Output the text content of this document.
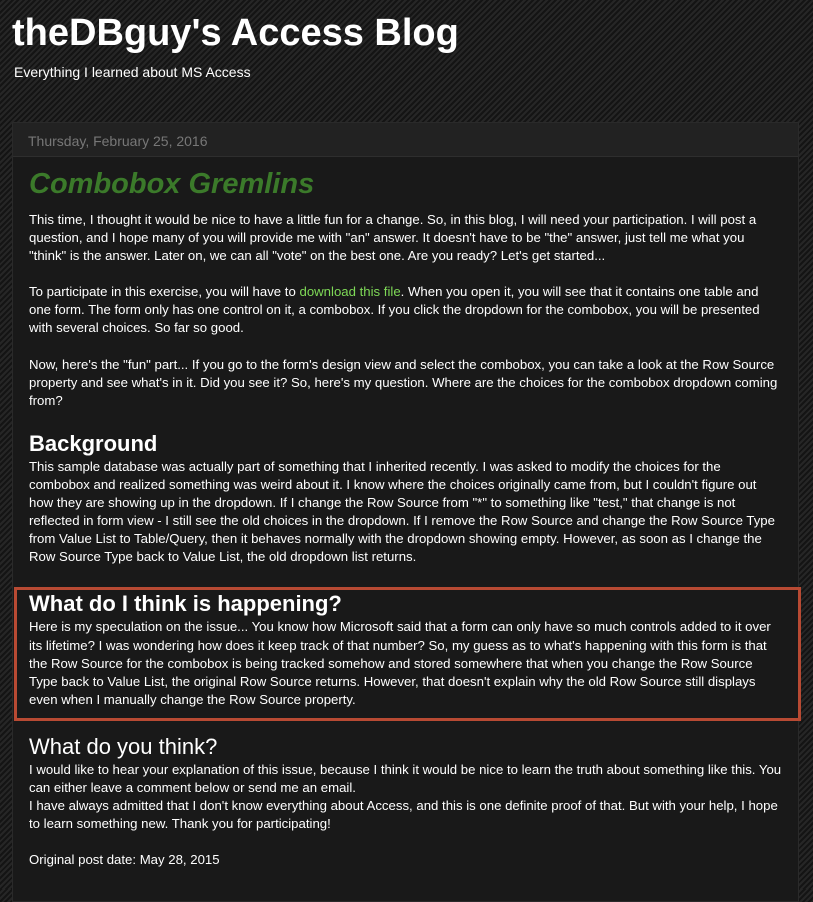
theDBguy's Access Blog
Everything I learned about MS Access
Thursday, February 25, 2016
Combobox Gremlins

This time, I thought it would be nice to have a little fun for a change. So, in this blog, I will need your participation. I will post a question, and I hope many of you will provide me with "an" answer. It doesn't have to be "the" answer, just tell me what you "think" is the answer. Later on, we can all "vote" on the best one. Are you ready? Let's get started...

To participate in this exercise, you will have to download this file. When you open it, you will see that it contains one table and one form. The form only has one control on it, a combobox. If you click the dropdown for the combobox, you will be presented with several choices. So far so good.

Now, here's the "fun" part... If you go to the form's design view and select the combobox, you can take a look at the Row Source property and see what's in it. Did you see it? So, here's my question. Where are the choices for the combobox dropdown coming from?

Background

This sample database was actually part of something that I inherited recently. I was asked to modify the choices for the combobox and realized something was weird about it. I know where the choices originally came from, but I couldn't figure out how they are showing up in the dropdown. If I change the Row Source from "*" to something like "test," that change is not reflected in form view - I still see the old choices in the dropdown. If I remove the Row Source and change the Row Source Type from Value List to Table/Query, then it behaves normally with the dropdown showing empty. However, as soon as I change the Row Source Type back to Value List, the old dropdown list returns.

What do I think is happening?

Here is my speculation on the issue... You know how Microsoft said that a form can only have so much controls added to it over its lifetime? I was wondering how does it keep track of that number? So, my guess as to what's happening with this form is that the Row Source for the combobox is being tracked somehow and stored somewhere that when you change the Row Source Type back to Value List, the original Row Source returns. However, that doesn't explain why the old Row Source still displays even when I manually change the Row Source property.

What do you think?

I would like to hear your explanation of this issue, because I think it would be nice to learn the truth about something like this. You can either leave a comment below or send me an email.

I have always admitted that I don't know everything about Access, and this is one definite proof of that. But with your help, I hope to learn something new. Thank you for participating!

Original post date: May 28, 2015
